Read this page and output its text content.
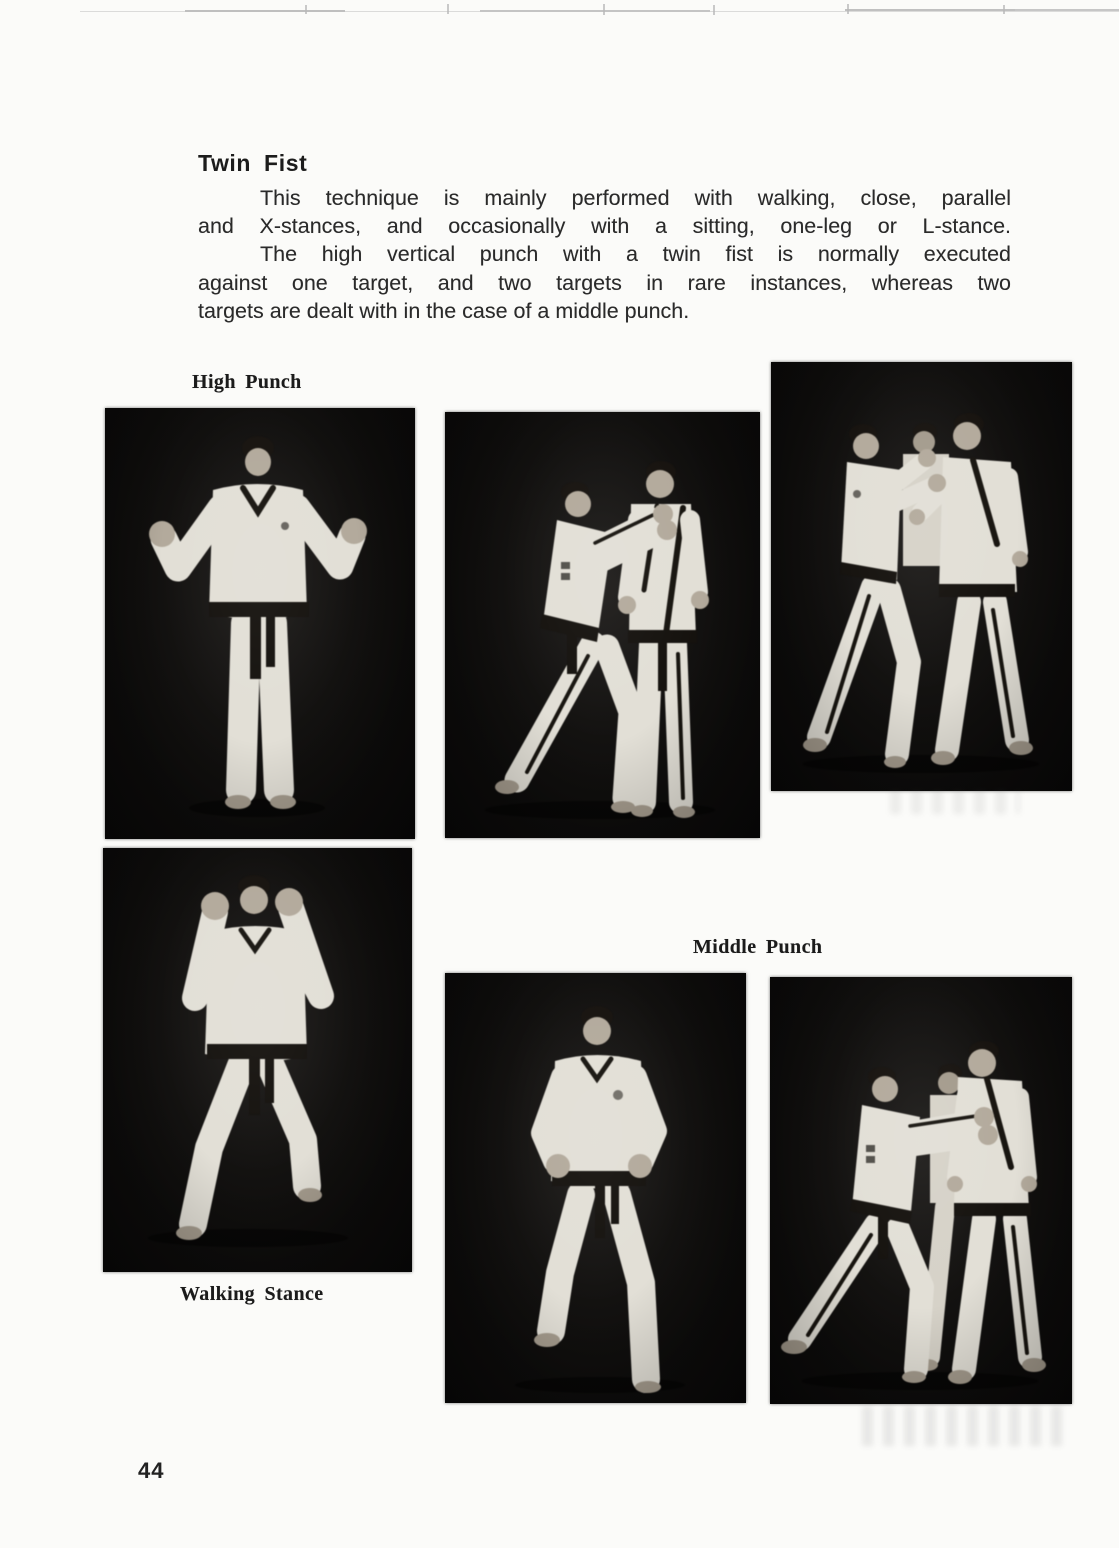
Twin Fist
This technique is mainly performed with walking, close, parallel
and X-stances, and occasionally with a sitting, one-leg or L-stance.
The high vertical punch with a twin fist is normally executed
against one target, and two targets in rare instances, whereas two
targets are dealt with in the case of a middle punch.
High Punch
Middle Punch
Walking Stance
44
